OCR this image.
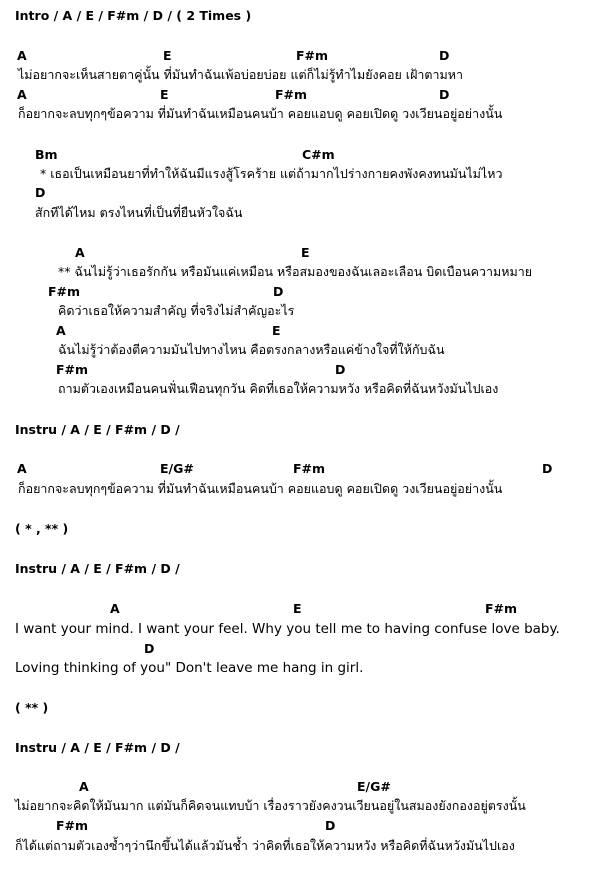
Intro / A / E / F#m / D / ( 2 Times )
A	E	F#m	D
ไม่อยากจะเห็นสายตาคู่นั้น ที่มันทำฉันเพ้อบ่อยบ่อย แต่ก็ไม่รู้ทำไมยังคอย เฝ้าตามหา
A	E	F#m	D
ก็อยากจะลบทุกๆข้อความ ที่มันทำฉันเหมือนคนบ้า คอยแอบดู คอยเปิดดู วงเวียนอยู่อย่างนั้น
Bm	C#m
* เธอเป็นเหมือนยาที่ทำให้ฉันมีแรงสู้โรคร้าย แต่ถ้ามากไปร่างกายคงพังคงทนมันไม่ไหว
D
สักทีได้ไหม ตรงไหนที่เป็นที่ยืนหัวใจฉัน
A	E
** ฉันไม่รู้ว่าเธอรักกัน หรือมันแค่เหมือน หรือสมองของฉันเลอะเลือน บิดเบือนความหมาย
F#m	D
คิดว่าเธอให้ความสำคัญ ที่จริงไม่สำคัญอะไร
A	E
ฉันไม่รู้ว่าต้องตีความมันไปทางไหน คือตรงกลางหรือแค่ข้างใจที่ให้กับฉัน
F#m	D
ถามตัวเองเหมือนคนฟั่นเฟือนทุกวัน คิดที่เธอให้ความหวัง หรือคิดที่ฉันหวังมันไปเอง
Instru / A / E / F#m / D /
A	E/G#	F#m	D
ก็อยากจะลบทุกๆข้อความ ที่มันทำฉันเหมือนคนบ้า คอยแอบดู คอยเปิดดู วงเวียนอยู่อย่างนั้น
( * , ** )
Instru / A / E / F#m / D /
A	E	F#m
I want your mind. I want your feel. Why you tell me to having confuse love baby.
D
Loving thinking of you" Don't leave me hang in girl.
( ** )
Instru / A / E / F#m / D /
A	E/G#
ไม่อยากจะคิดให้มันมาก แต่มันก็คิดจนแทบบ้า เรื่องราวยังคงวนเวียนอยู่ในสมองยังกองอยู่ตรงนั้น
F#m	D
ก็ได้แต่ถามตัวเองซ้ำๆว่านึกขึ้นได้แล้วมันช้ำ ว่าคิดที่เธอให้ความหวัง หรือคิดที่ฉันหวังมันไปเอง
